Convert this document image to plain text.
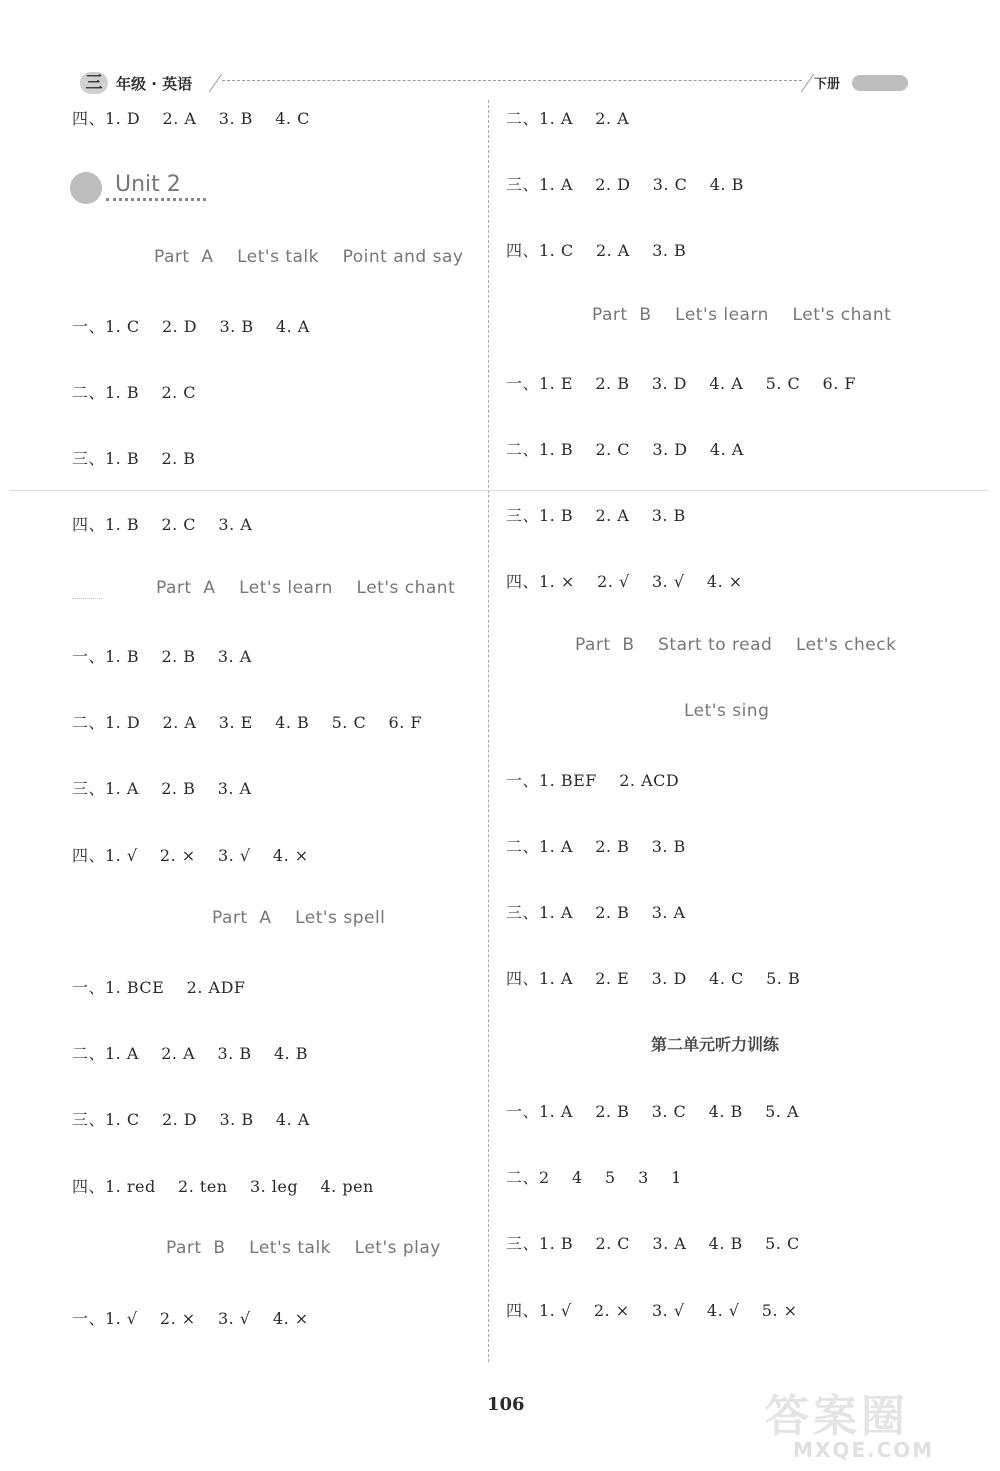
三 年级 · 英语	下册
四、1. D    2. A    3. B    4. C
Unit 2
Part  A    Let's talk    Point and say
一、1. C    2. D    3. B    4. A
二、1. B    2. C
三、1. B    2. B
四、1. B    2. C    3. A
Part  A    Let's learn    Let's chant
一、1. B    2. B    3. A
二、1. D    2. A    3. E    4. B    5. C    6. F
三、1. A    2. B    3. A
四、1. √    2. ×    3. √    4. ×
Part  A    Let's spell
一、1. BCE    2. ADF
二、1. A    2. A    3. B    4. B
三、1. C    2. D    3. B    4. A
四、1. red    2. ten    3. leg    4. pen
Part  B    Let's talk    Let's play
一、1. √    2. ×    3. √    4. ×
二、1. A    2. A
三、1. A    2. D    3. C    4. B
四、1. C    2. A    3. B
Part  B    Let's learn    Let's chant
一、1. E    2. B    3. D    4. A    5. C    6. F
二、1. B    2. C    3. D    4. A
三、1. B    2. A    3. B
四、1. ×    2. √    3. √    4. ×
Part  B    Start to read    Let's check
Let's sing
一、1. BEF    2. ACD
二、1. A    2. B    3. B
三、1. A    2. B    3. A
四、1. A    2. E    3. D    4. C    5. B
第二单元听力训练
一、1. A    2. B    3. C    4. B    5. A
二、2    4    5    3    1
三、1. B    2. C    3. A    4. B    5. C
四、1. √    2. ×    3. √    4. √    5. ×
106	答案圈
MXQE.COM
